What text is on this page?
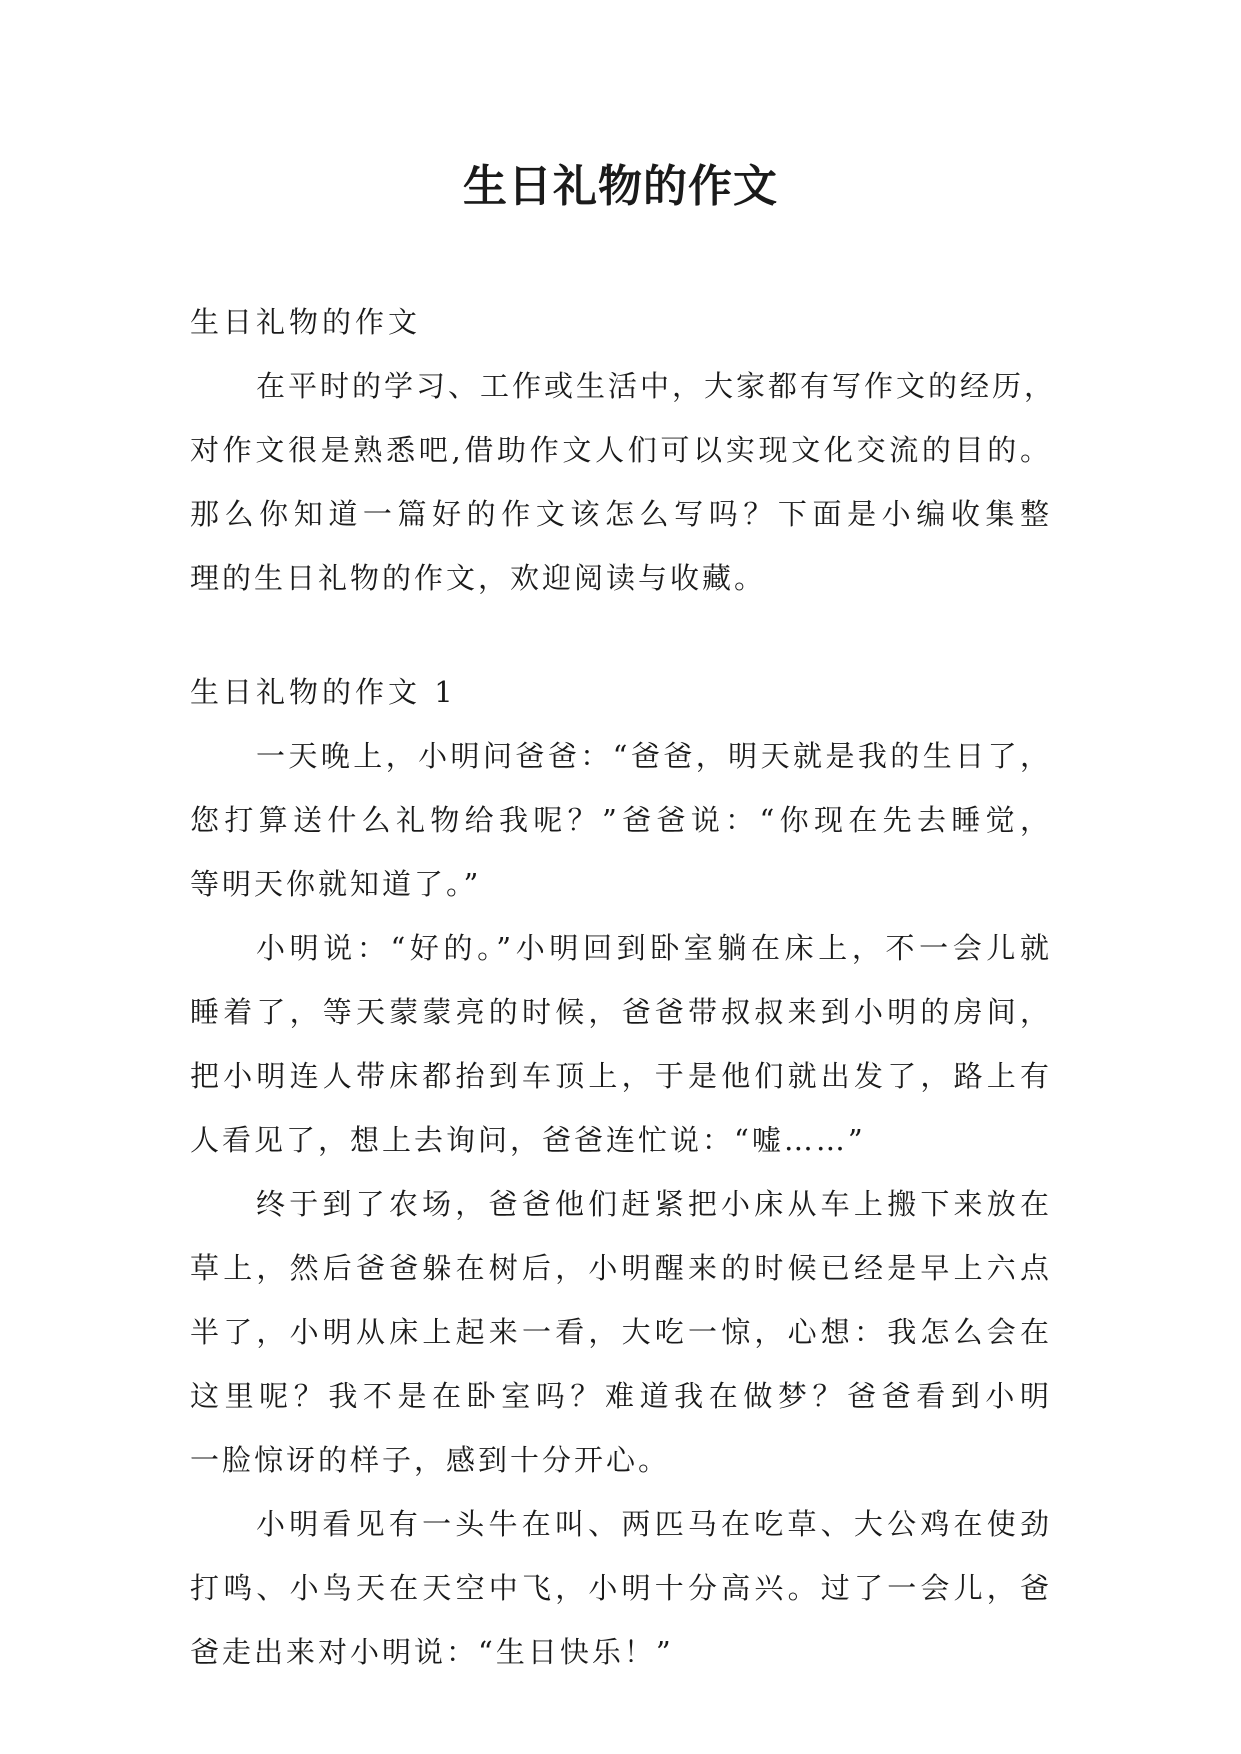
生日礼物的作文

生日礼物的作文

在平时的学习、工作或生活中，大家都有写作文的经历，
对作文很是熟悉吧,借助作文人们可以实现文化交流的目的。
那么你知道一篇好的作文该怎么写吗？下面是小编收集整
理的生日礼物的作文，欢迎阅读与收藏。

生日礼物的作文 1

一天晚上，小明问爸爸：“爸爸，明天就是我的生日了，
您打算送什么礼物给我呢？”爸爸说：“你现在先去睡觉，
等明天你就知道了。”
小明说：“好的。”小明回到卧室躺在床上，不一会儿就
睡着了，等天蒙蒙亮的时候，爸爸带叔叔来到小明的房间，
把小明连人带床都抬到车顶上，于是他们就出发了，路上有
人看见了，想上去询问，爸爸连忙说：“嘘……”
终于到了农场，爸爸他们赶紧把小床从车上搬下来放在
草上，然后爸爸躲在树后，小明醒来的时候已经是早上六点
半了，小明从床上起来一看，大吃一惊，心想：我怎么会在
这里呢？我不是在卧室吗？难道我在做梦？爸爸看到小明
一脸惊讶的样子，感到十分开心。
小明看见有一头牛在叫、两匹马在吃草、大公鸡在使劲
打鸣、小鸟天在天空中飞，小明十分高兴。过了一会儿，爸
爸走出来对小明说：“生日快乐！”
